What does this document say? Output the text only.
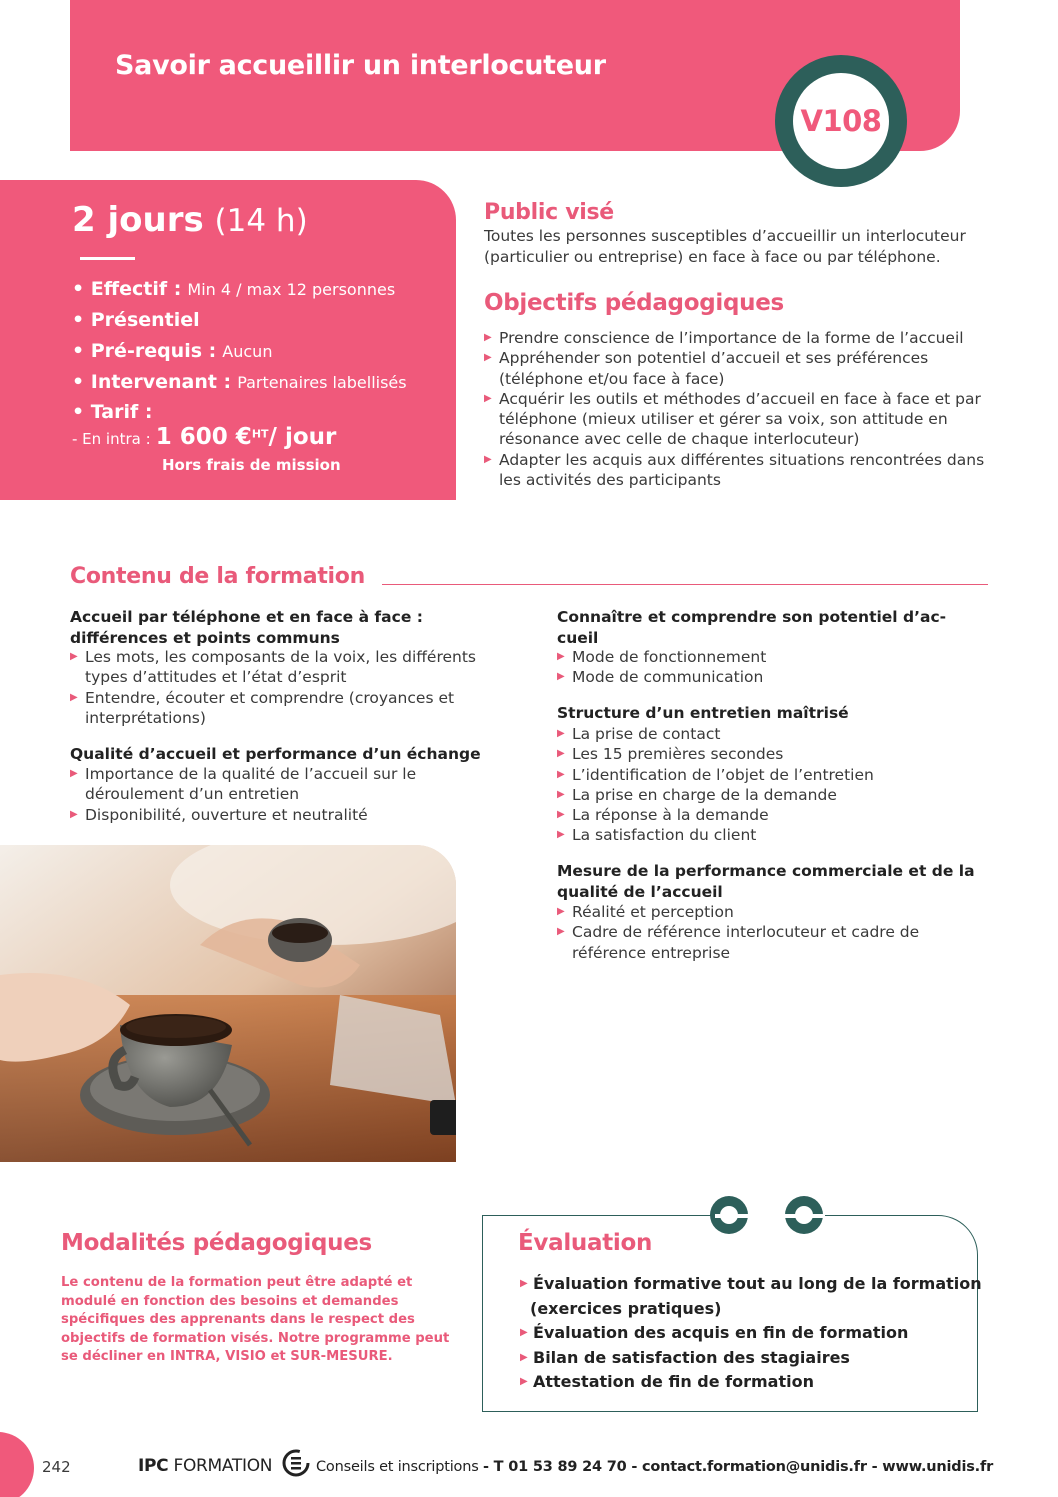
Savoir accueillir un interlocuteur
V108
2 jours (14 h)
• Effectif : Min 4 / max 12 personnes
• Présentiel
• Pré-requis : Aucun
• Intervenant : Partenaires labellisés
• Tarif :
- En intra : 1 600 €$^{HT}$/ jour
Hors frais de mission
Public visé

Toutes les personnes susceptibles d’accueillir un interlocuteur (particulier ou entreprise) en face à face ou par téléphone.

Objectifs pédagogiques
▶ Prendre conscience de l’importance de la forme de l’accueil
▶ Appréhender son potentiel d’accueil et ses préférences (téléphone et/ou face à face)
▶ Acquérir les outils et méthodes d’accueil en face à face et par téléphone (mieux utiliser et gérer sa voix, son attitude en résonance avec celle de chaque interlocuteur)
▶ Adapter les acquis aux différentes situations rencontrées dans les activités des participants
Contenu de la formation
Accueil par téléphone et en face à face : différences et points communs
▶ Les mots, les composants de la voix, les différents types d’attitudes et l’état d’esprit
▶ Entendre, écouter et comprendre (croyances et interprétations)
Qualité d’accueil et performance d’un échange
▶ Importance de la qualité de l’accueil sur le déroulement d’un entretien
▶ Disponibilité, ouverture et neutralité
Connaître et comprendre son potentiel d’ac-cueil
▶ Mode de fonctionnement
▶ Mode de communication
Structure d’un entretien maîtrisé
▶ La prise de contact
▶ Les 15 premières secondes
▶ L’identification de l’objet de l’entretien
▶ La prise en charge de la demande
▶ La réponse à la demande
▶ La satisfaction du client
Mesure de la performance commerciale et de la qualité de l’accueil
▶ Réalité et perception
▶ Cadre de référence interlocuteur et cadre de référence entreprise
Modalités pédagogiques

Le contenu de la formation peut être adapté et modulé en fonction des besoins et demandes spécifiques des apprenants dans le respect des objectifs de formation visés. Notre programme peut se décliner en INTRA, VISIO et SUR-MESURE.

Évaluation
▶ Évaluation formative tout au long de la formation
(exercices pratiques)
▶ Évaluation des acquis en fin de formation
▶ Bilan de satisfaction des stagiaires
▶ Attestation de fin de formation
242	IPC FORMATION	Conseils et inscriptions - T 01 53 89 24 70 - contact.formation@unidis.fr - www.unidis.fr
